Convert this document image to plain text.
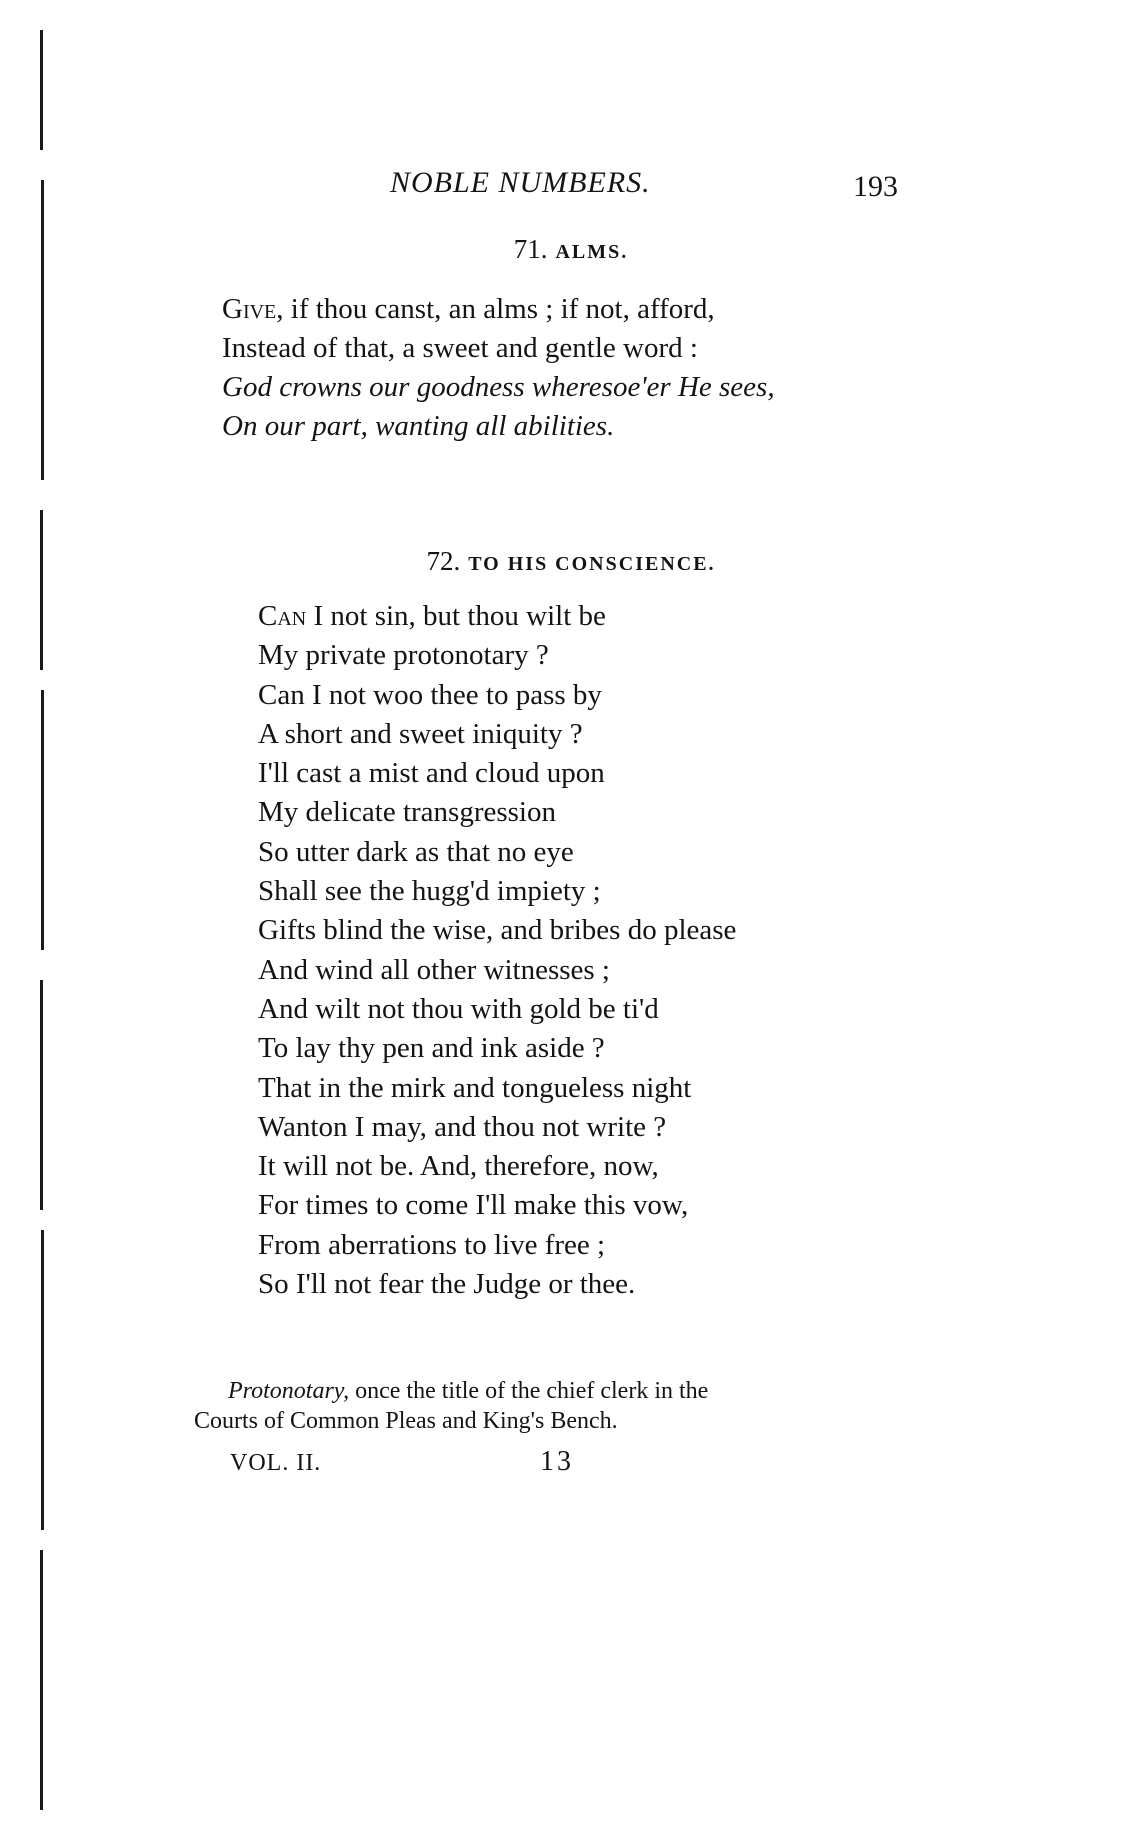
NOBLE NUMBERS.	193
71. ALMS.
Give, if thou canst, an alms ; if not, afford,
Instead of that, a sweet and gentle word :
God crowns our goodness wheresoe'er He sees,
On our part, wanting all abilities.
72. TO HIS CONSCIENCE.
Can I not sin, but thou wilt be
My private protonotary ?
Can I not woo thee to pass by
A short and sweet iniquity ?
I'll cast a mist and cloud upon
My delicate transgression
So utter dark as that no eye
Shall see the hugg'd impiety ;
Gifts blind the wise, and bribes do please
And wind all other witnesses ;
And wilt not thou with gold be ti'd
To lay thy pen and ink aside ?
That in the mirk and tongueless night
Wanton I may, and thou not write ?
It will not be. And, therefore, now,
For times to come I'll make this vow,
From aberrations to live free ;
So I'll not fear the Judge or thee.
Protonotary, once the title of the chief clerk in the
Courts of Common Pleas and King's Bench.
VOL. II.	13
